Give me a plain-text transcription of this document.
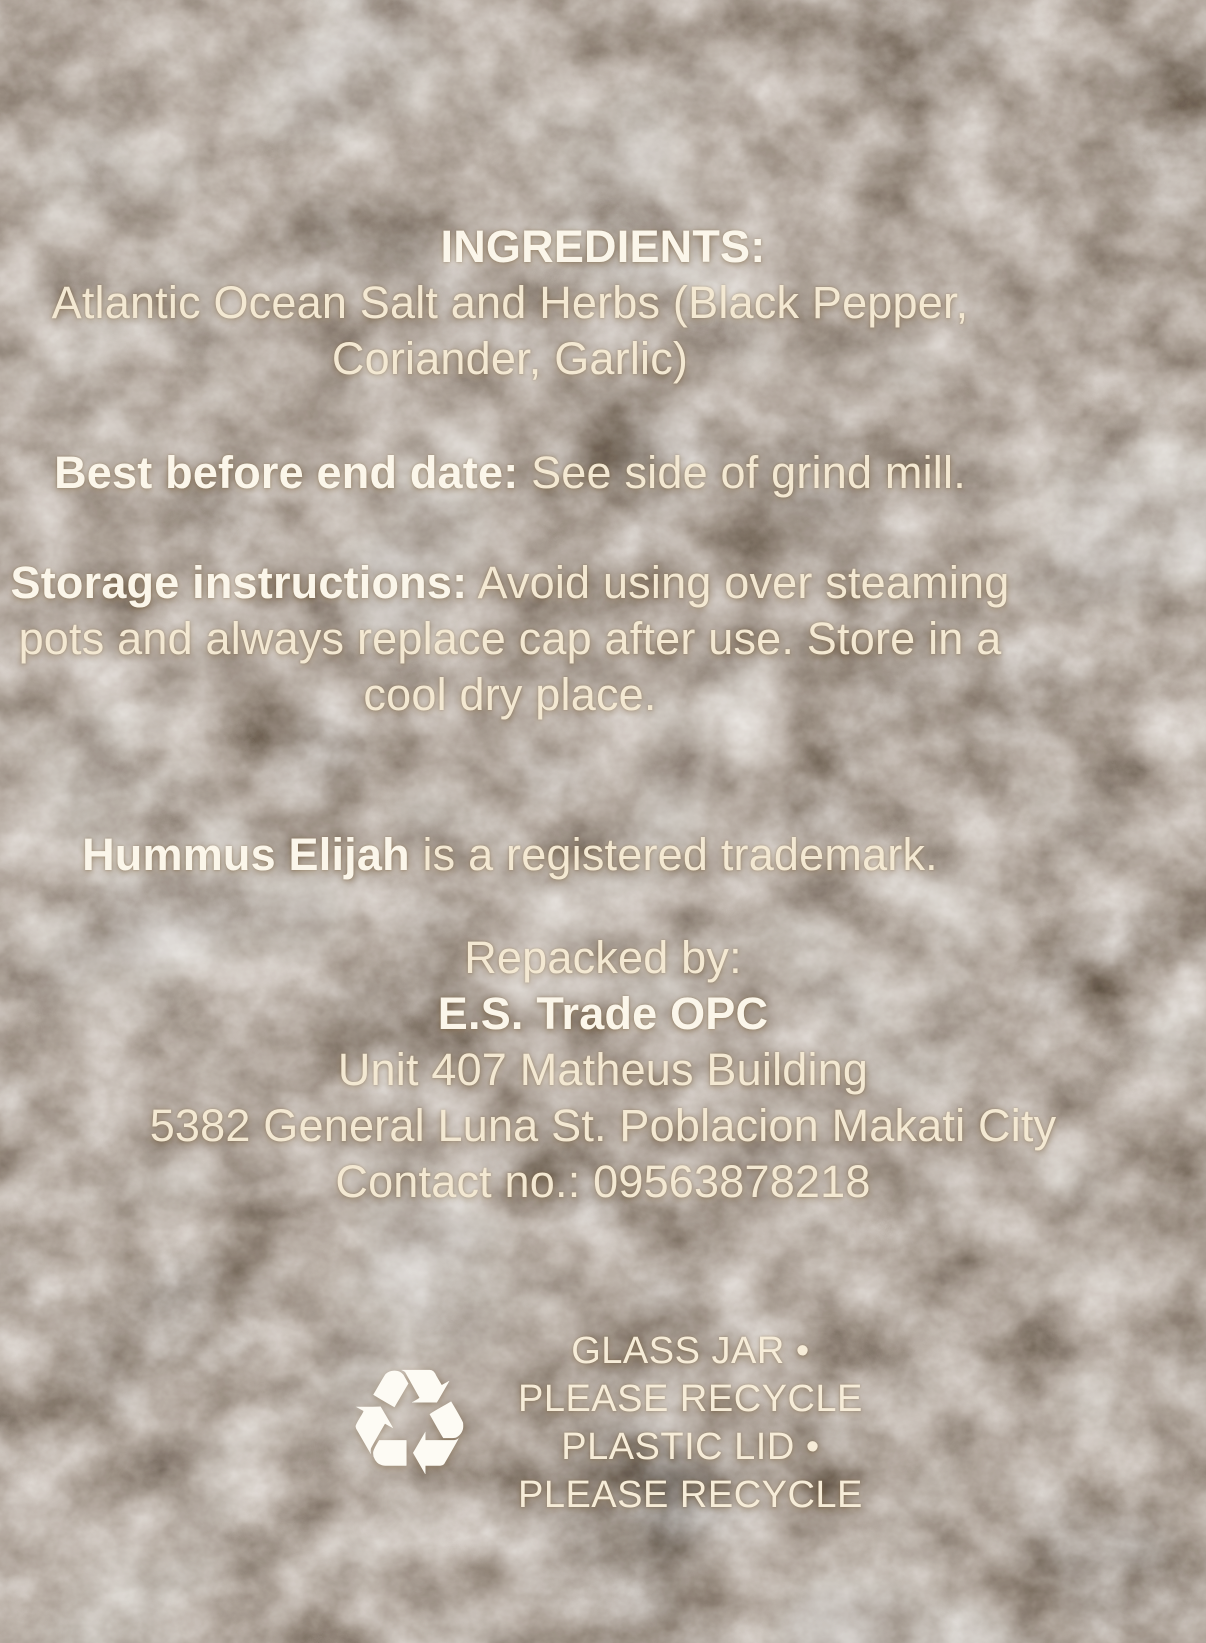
INGREDIENTS:

Atlantic Ocean Salt and Herbs (Black Pepper, Coriander, Garlic)

Best before end date: See side of grind mill.

Storage instructions: Avoid using over steaming pots and always replace cap after use. Store in a cool dry place.

Hummus Elijah is a registered trademark.

Repacked by:

E.S. Trade OPC

Unit 407 Matheus Building

5382 General Luna St. Poblacion Makati City

Contact no.: 09563878218

♻	GLASS JAR •

PLEASE RECYCLE

PLASTIC LID •

PLEASE RECYCLE
